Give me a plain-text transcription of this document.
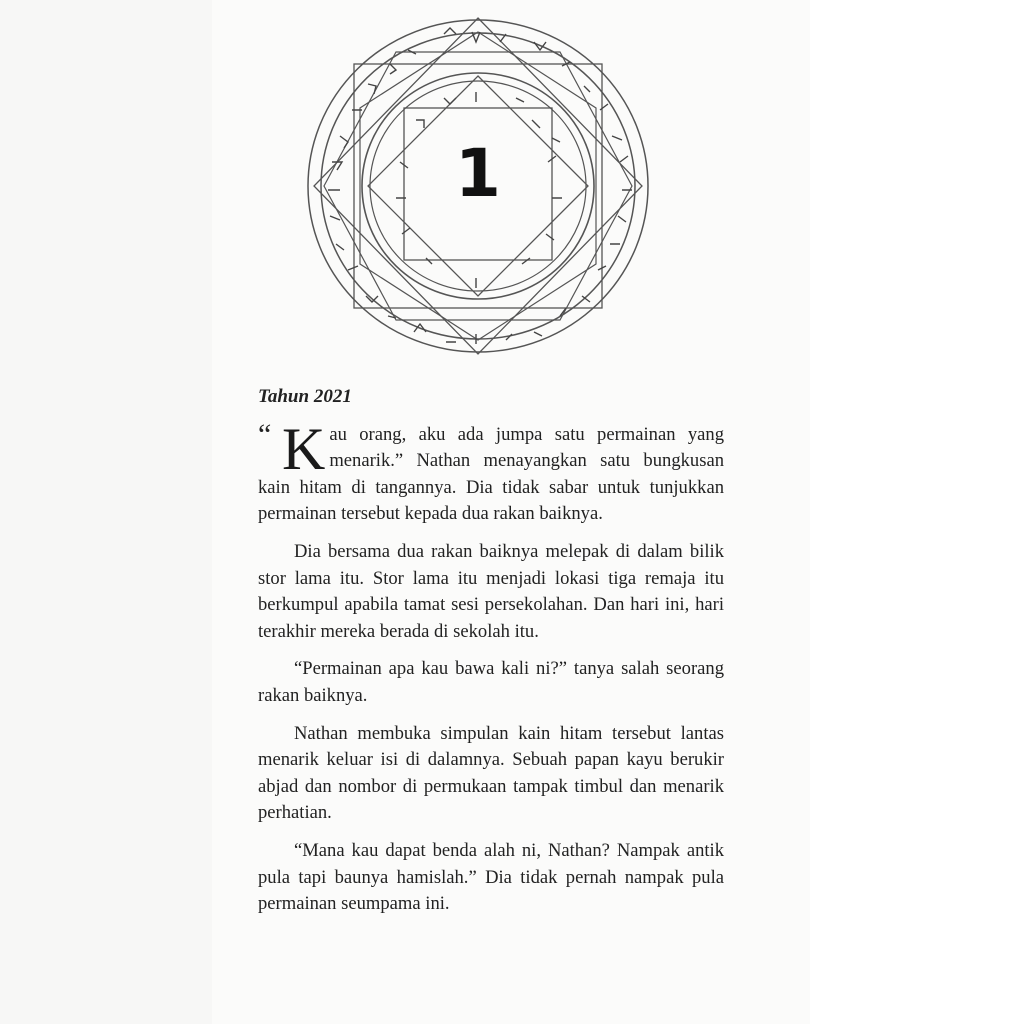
1
Tahun 2021

“ K au orang, aku ada jumpa satu permainan yang menarik.” Nathan menayangkan satu bungkusan kain hitam di tangannya. Dia tidak sabar untuk tunjukkan permainan tersebut kepada dua rakan baiknya.

Dia bersama dua rakan baiknya melepak di dalam bilik stor lama itu. Stor lama itu menjadi lokasi tiga remaja itu berkumpul apabila tamat sesi persekolahan. Dan hari ini, hari terakhir mereka berada di sekolah itu.

“Permainan apa kau bawa kali ni?” tanya salah seorang rakan baiknya.

Nathan membuka simpulan kain hitam tersebut lantas menarik keluar isi di dalamnya. Sebuah papan kayu berukir abjad dan nombor di permukaan tampak timbul dan menarik perhatian.

“Mana kau dapat benda alah ni, Nathan? Nampak antik pula tapi baunya hamislah.” Dia tidak pernah nampak pula permainan seumpama ini.
